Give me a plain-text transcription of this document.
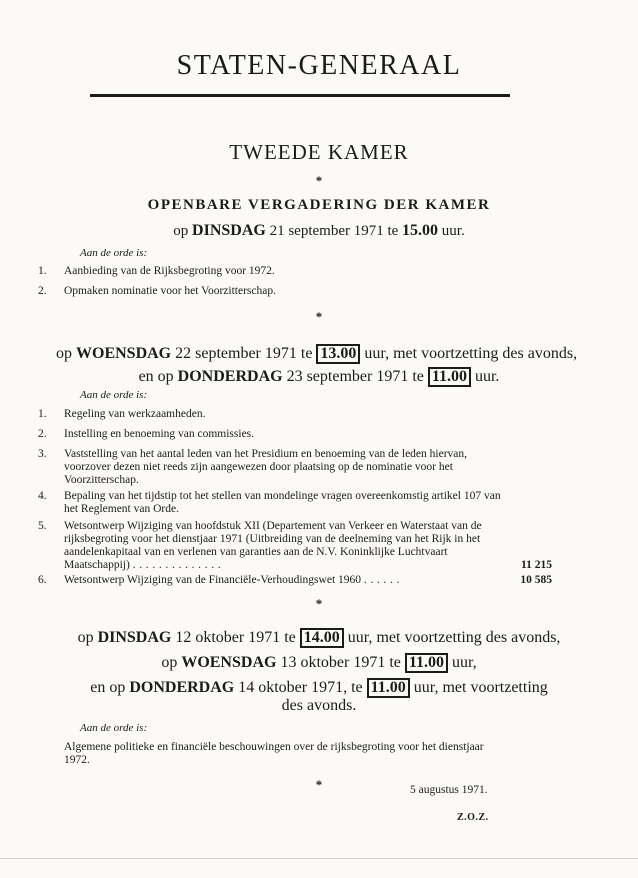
STATEN-GENERAAL
TWEEDE KAMER
*
OPENBARE VERGADERING DER KAMER
op DINSDAG 21 september 1971 te 15.00 uur.
Aan de orde is:
1. Aanbieding van de Rijksbegroting voor 1972.
2. Opmaken nominatie voor het Voorzitterschap.
*
op WOENSDAG 22 september 1971 te 13.00 uur, met voortzetting des avonds,
en op DONDERDAG 23 september 1971 te 11.00 uur.
Aan de orde is:
1. Regeling van werkzaamheden.
2. Instelling en benoeming van commissies.
3. Vaststelling van het aantal leden van het Presidium en benoeming van de leden hiervan, voorzover dezen niet reeds zijn aangewezen door plaatsing op de nominatie voor het Voorzitterschap.
4. Bepaling van het tijdstip tot het stellen van mondelinge vragen overeenkomstig artikel 107 van het Reglement van Orde.
5. Wetsontwerp Wijziging van hoofdstuk XII (Departement van Verkeer en Waterstaat van de rijksbegroting voor het dienstjaar 1971 (Uitbreiding van de deelneming van het Rijk in het aandelenkapitaal van en verlenen van garanties aan de N.V. Koninklijke Luchtvaart Maatschappij) . . . . . . . . . . . . . .	11 215
6. Wetsontwerp Wijziging van de Financiële-Verhoudingswet 1960 . . . . . .	10 585
*
op DINSDAG 12 oktober 1971 te 14.00 uur, met voortzetting des avonds,
op WOENSDAG 13 oktober 1971 te 11.00 uur,
en op DONDERDAG 14 oktober 1971, te 11.00 uur, met voortzetting
des avonds.
Aan de orde is:
Algemene politieke en financiële beschouwingen over de rijksbegroting voor het dienstjaar 1972.
*	5 augustus 1971.
Z.O.Z.
